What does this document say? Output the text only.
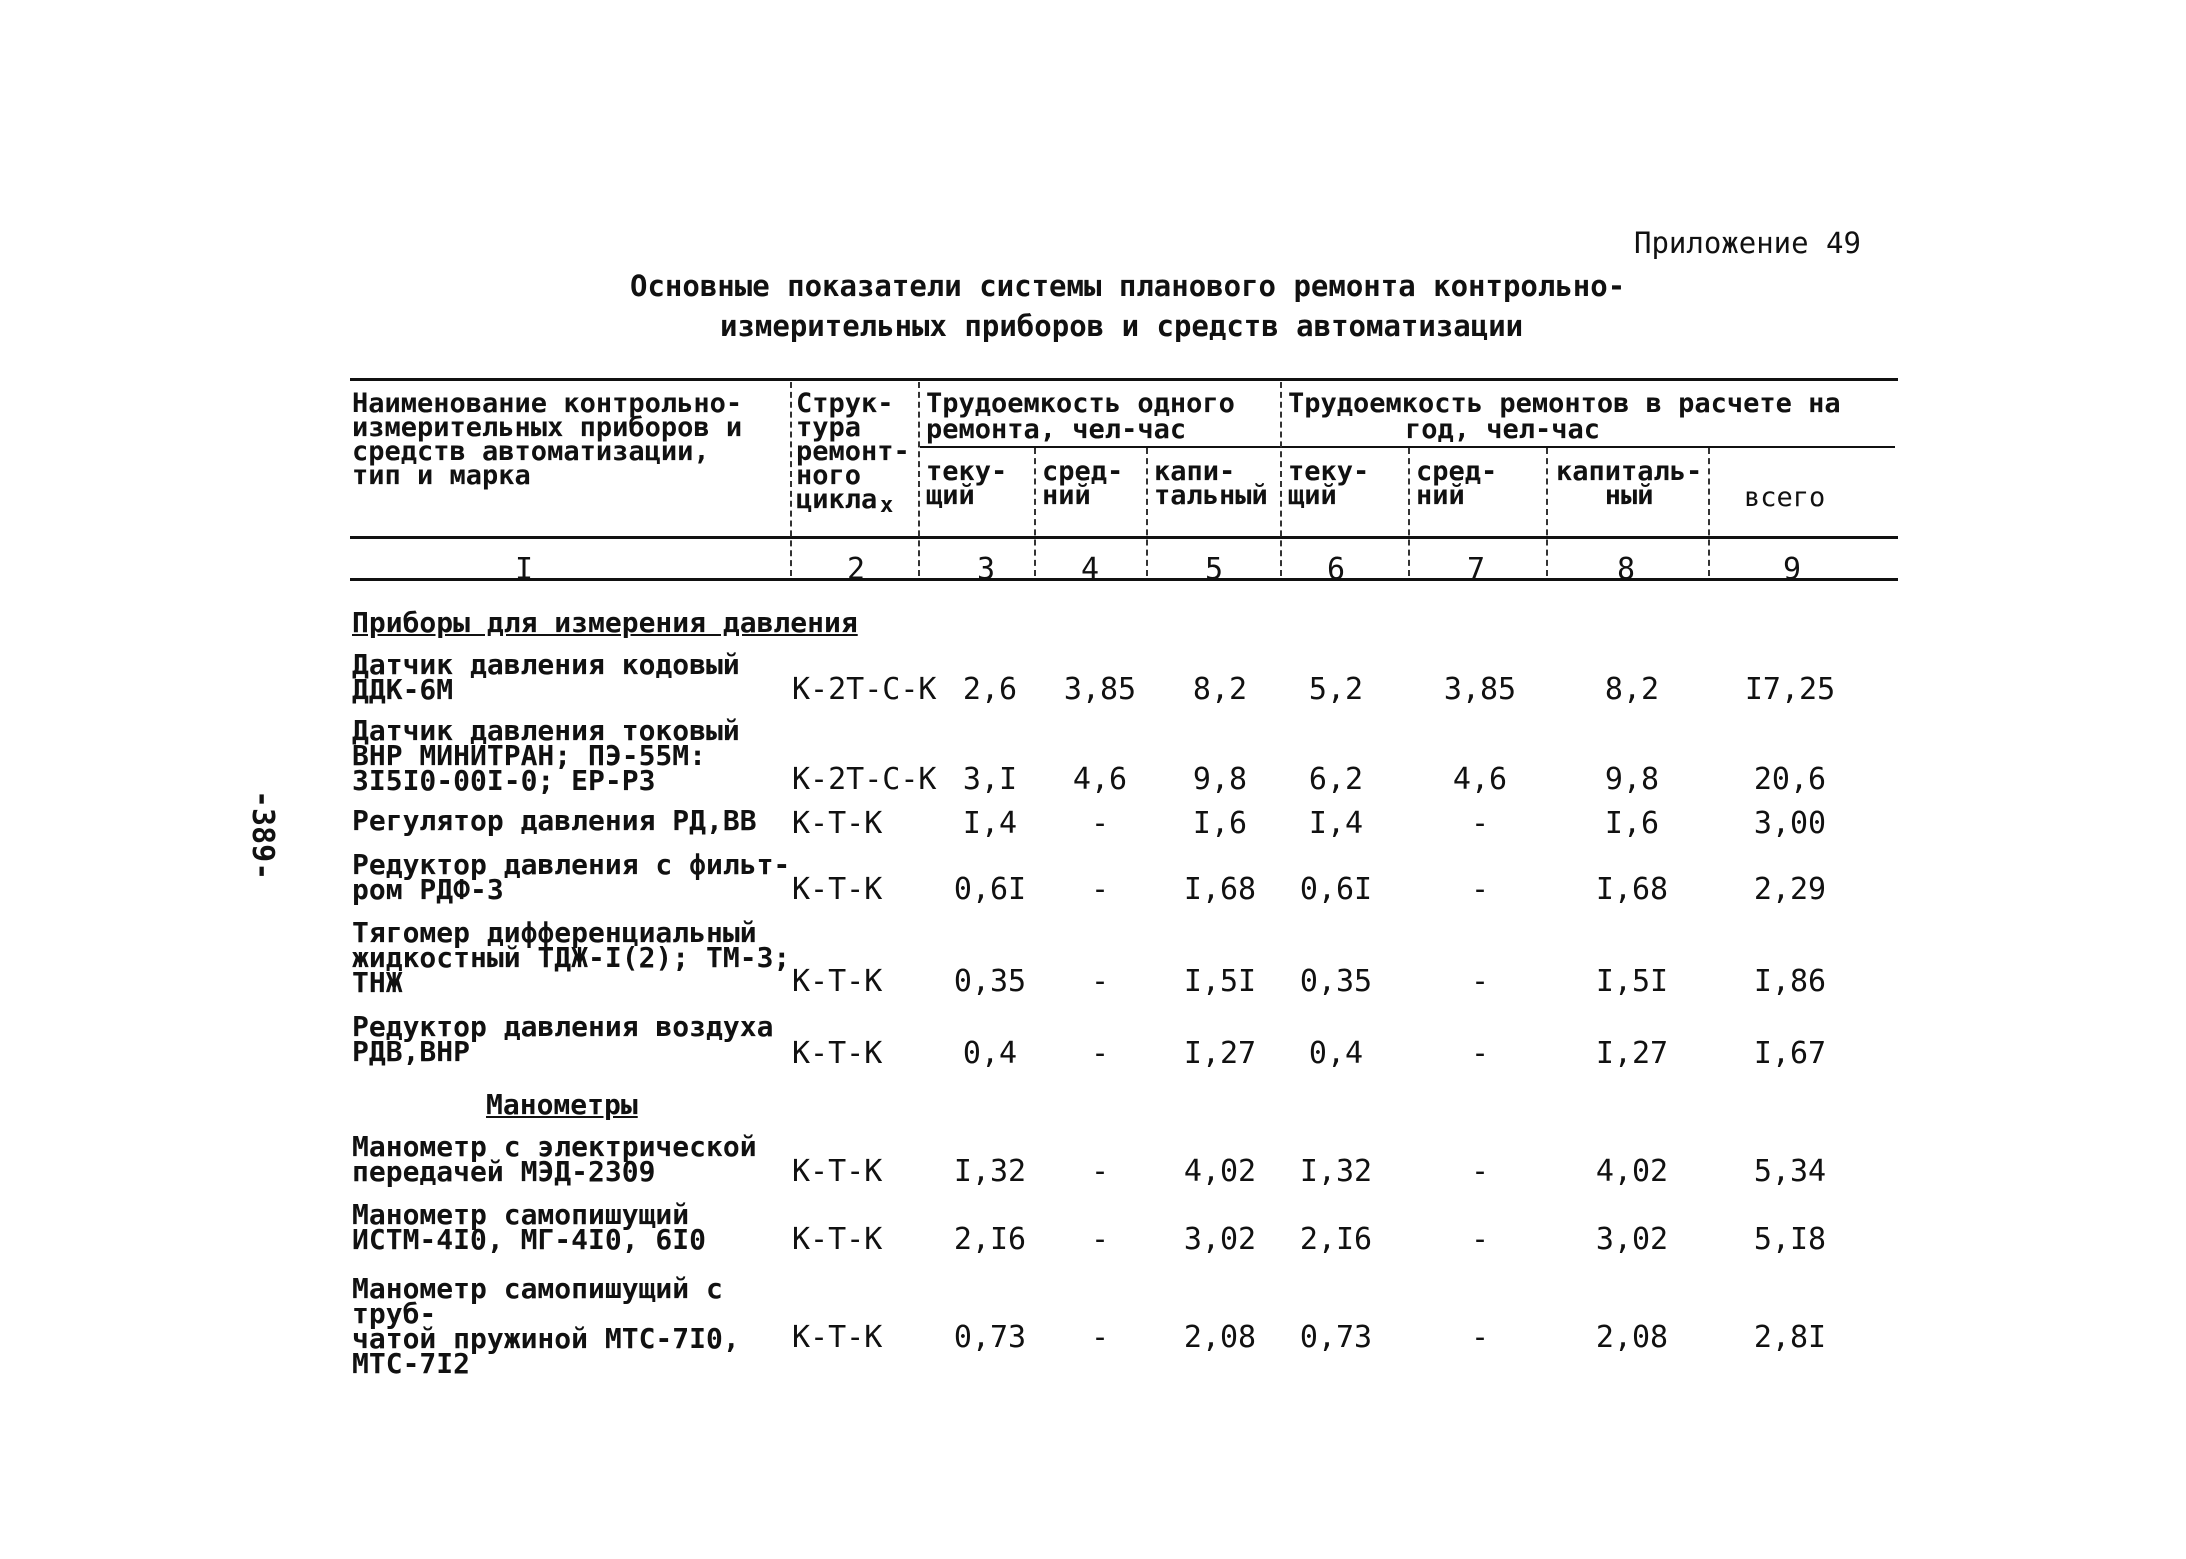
Приложение 49
Основные показатели системы планового ремонта контрольно-
измерительных приборов и средств автоматизации
-389-
Наименование контрольно-
измерительных приборов и
средств автоматизации,
тип и марка
Струк-
тура
ремонт-
ного
цикла х
Трудоемкость одного
ремонта, чел-час
Трудоемкость ремонтов в расчете на
год, чел-час
теку-
щий
сред-
ний
капи-
тальный
теку-
щий
сред-
ний
капиталь-
ный	всего
I	2	3	4	5	6	7	8	9
Приборы для измерения давления
Датчик давления кодовый
ДДК-6М	К-2Т-С-К 2,6	3,85	8,2	5,2	3,85	8,2	I7,25
Датчик давления токовый
ВНР МИНИТРАН; ПЭ-55М:
3I5I0-00I-0; ЕР-Р3	К-2Т-С-К 3,I	4,6	9,8	6,2	4,6	9,8	20,6
Регулятор давления РД,ВВ	К-Т-К	I,4	-	I,6	I,4	-	I,6	3,00
Редуктор давления с фильт-
ром РДФ-3	К-Т-К	0,6I	-	I,68	0,6I	-	I,68	2,29
Тягомер дифференциальный
жидкостный ТДЖ-I(2); ТМ-3;
ТНЖ	К-Т-К	0,35	-	I,5I	0,35	-	I,5I	I,86
Редуктор давления воздуха
РДВ,ВНР	К-Т-К	0,4	-	I,27	0,4	-	I,27	I,67
Манометры
Манометр с электрической
передачей МЭД-2309	К-Т-К	I,32	-	4,02	I,32	-	4,02	5,34
Манометр самопишущий
ИСТМ-4I0, МГ-4I0, 6I0	К-Т-К	2,I6	-	3,02	2,I6	-	3,02	5,I8
Манометр самопишущий с труб-
чатой пружиной МТС-7I0,
МТС-7I2
К-Т-К	0,73	-	2,08	0,73	-	2,08	2,8I
